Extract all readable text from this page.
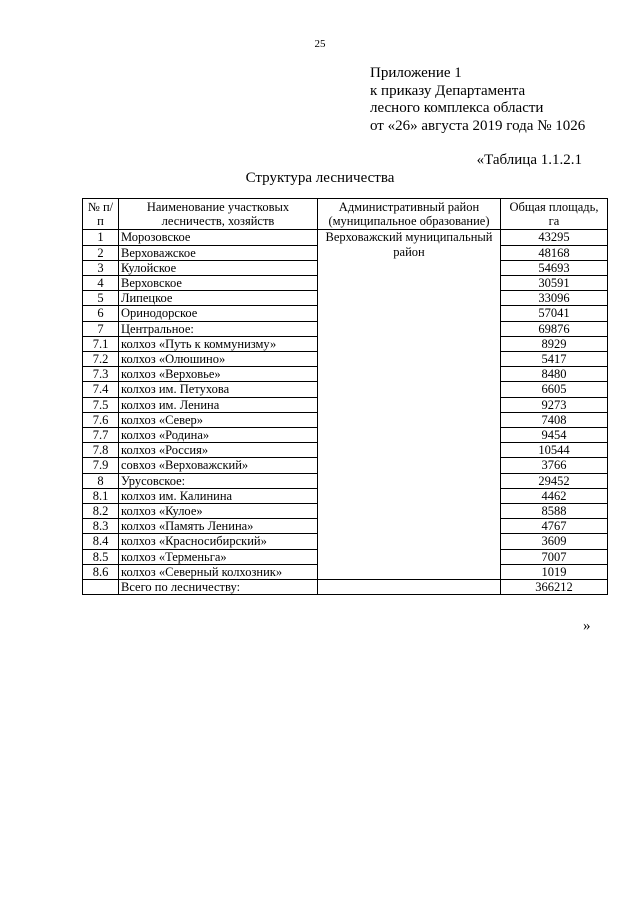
25
Приложение 1
к приказу Департамента
лесного комплекса области
от «26» августа 2019 года № 1026
«Таблица 1.1.2.1
Структура лесничества
№ п/п	Наименование участковых лесничеств, хозяйств	Административный район (муниципальное образование)	Общая площадь, га
1	Морозовское	Верховажский муниципальный район	43295
2	Верховажское		48168
3	Кулойское		54693
4	Верховское		30591
5	Липецкое		33096
6	Оринодорское		57041
7	Центральное:		69876
7.1	колхоз «Путь к коммунизму»		8929
7.2	колхоз «Олюшино»		5417
7.3	колхоз «Верховье»		8480
7.4	колхоз им. Петухова		6605
7.5	колхоз им. Ленина		9273
7.6	колхоз «Север»		7408
7.7	колхоз «Родина»		9454
7.8	колхоз «Россия»		10544
7.9	совхоз «Верховажский»		3766
8	Урусовское:		29452
8.1	колхоз им. Калинина		4462
8.2	колхоз «Кулое»		8588
8.3	колхоз «Память Ленина»		4767
8.4	колхоз «Красносибирский»		3609
8.5	колхоз «Терменьга»		7007
8.6	колхоз «Северный колхозник»		1019
	Всего по лесничеству:		366212
»
